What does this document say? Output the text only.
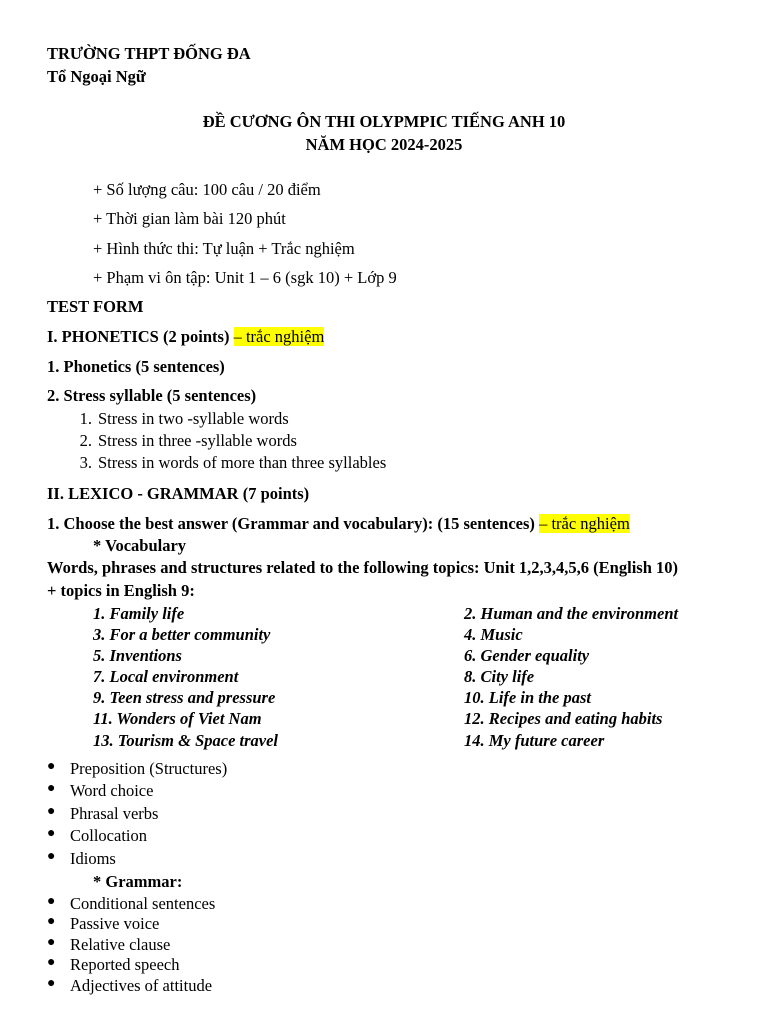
TRƯỜNG THPT ĐỐNG ĐA
Tổ Ngoại Ngữ
ĐỀ CƯƠNG ÔN THI OLYPMPIC TIẾNG ANH 10
NĂM HỌC 2024-2025
+ Số lượng câu: 100 câu / 20 điểm
+ Thời gian làm bài 120 phút
+ Hình thức thi: Tự luận + Trắc nghiệm
+ Phạm vi ôn tập: Unit 1 – 6 (sgk 10) + Lớp 9
TEST FORM
I. PHONETICS (2 points) – trắc nghiệm
1. Phonetics (5 sentences)
2. Stress syllable (5 sentences)
1. Stress in two -syllable words
2. Stress in three -syllable words
3. Stress in words of more than three syllables
II. LEXICO - GRAMMAR (7 points)
1. Choose the best answer (Grammar and vocabulary): (15 sentences) – trắc nghiệm
* Vocabulary
Words, phrases and structures related to the following topics: Unit 1,2,3,4,5,6 (English 10)
+ topics in English 9:
1. Family life
3. For a better community
5. Inventions
7. Local environment
9. Teen stress and pressure
11. Wonders of Viet Nam
13. Tourism & Space travel
2. Human and the environment
4. Music
6. Gender equality
8. City life
10. Life in the past
12. Recipes and eating habits
14. My future career
● Preposition (Structures)
● Word choice
● Phrasal verbs
● Collocation
● Idioms
* Grammar:
● Conditional sentences
● Passive voice
● Relative clause
● Reported speech
● Adjectives of attitude
